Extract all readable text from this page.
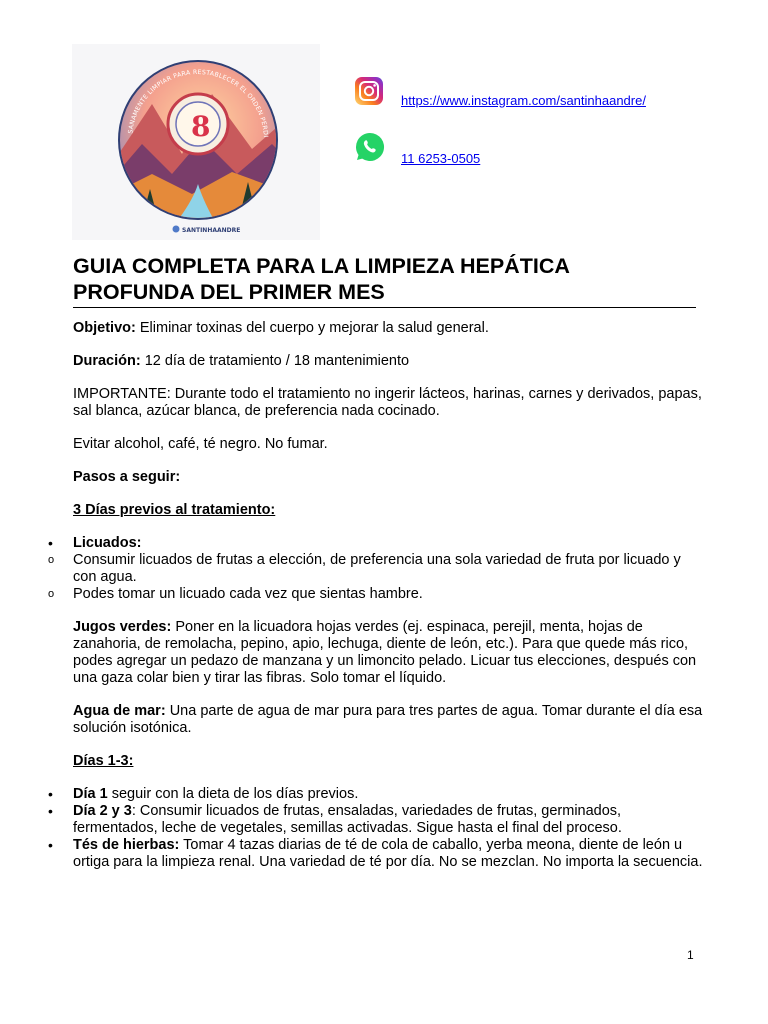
8
SANAMENTE LIMPIAR PARA RESTABLECER EL ORDEN PERDI
SANTINHAANDRE
https://www.instagram.com/santinhaandre/
11 6253-0505
GUIA COMPLETA PARA LA LIMPIEZA HEPÁTICA
PROFUNDA DEL PRIMER MES

Objetivo: Eliminar toxinas del cuerpo y mejorar la salud general.

Duración: 12 día de tratamiento / 18 mantenimiento

IMPORTANTE: Durante todo el tratamiento no ingerir lácteos, harinas, carnes y derivados, papas, sal blanca, azúcar blanca, de preferencia nada cocinado.

Evitar alcohol, café, té negro. No fumar.

Pasos a seguir:

3 Días previos al tratamiento:

• Licuados:
o Consumir licuados de frutas a elección, de preferencia una sola variedad de fruta por licuado y con agua.
o Podes tomar un licuado cada vez que sientas hambre.

Jugos verdes: Poner en la licuadora hojas verdes (ej. espinaca, perejil, menta, hojas de zanahoria, de remolacha, pepino, apio, lechuga, diente de león, etc.). Para que quede más rico, podes agregar un pedazo de manzana y un limoncito pelado. Licuar tus elecciones, después con una gaza colar bien y tirar las fibras. Solo tomar el líquido.

Agua de mar: Una parte de agua de mar pura para tres partes de agua. Tomar durante el día esa solución isotónica.

Días 1-3:

• Día 1 seguir con la dieta de los días previos.
• Día 2 y 3: Consumir licuados de frutas, ensaladas, variedades de frutas, germinados, fermentados, leche de vegetales, semillas activadas. Sigue hasta el final del proceso.
• Tés de hierbas: Tomar 4 tazas diarias de té de cola de caballo, yerba meona, diente de león u ortiga para la limpieza renal. Una variedad de té por día. No se mezclan. No importa la secuencia.
1
